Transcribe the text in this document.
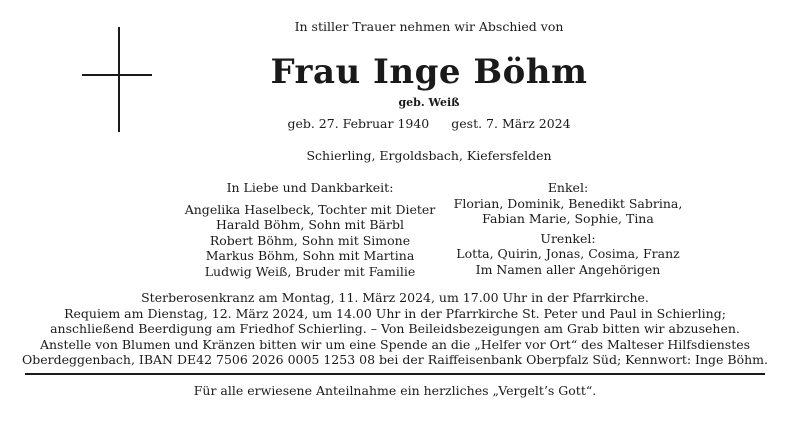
In stiller Trauer nehmen wir Abschied von
Frau Inge Böhm
geb. Weiß
geb. 27. Februar 1940 gest. 7. März 2024
Schierling, Ergoldsbach, Kiefersfelden
In Liebe und Dankbarkeit:
Angelika Haselbeck, Tochter mit Dieter
Harald Böhm, Sohn mit Bärbl
Robert Böhm, Sohn mit Simone
Markus Böhm, Sohn mit Martina
Ludwig Weiß, Bruder mit Familie
Enkel:
Florian, Dominik, Benedikt Sabrina,
Fabian Marie, Sophie, Tina
Urenkel:
Lotta, Quirin, Jonas, Cosima, Franz
Im Namen aller Angehörigen
Sterberosenkranz am Montag, 11. März 2024, um 17.00 Uhr in der Pfarrkirche.
Requiem am Dienstag, 12. März 2024, um 14.00 Uhr in der Pfarrkirche St. Peter und Paul in Schierling;
anschließend Beerdigung am Friedhof Schierling. – Von Beileidsbezeigungen am Grab bitten wir abzusehen.
Anstelle von Blumen und Kränzen bitten wir um eine Spende an die „Helfer vor Ort“ des Malteser Hilfsdienstes
Oberdeggenbach, IBAN DE42 7506 2026 0005 1253 08 bei der Raiffeisenbank Oberpfalz Süd; Kennwort: Inge Böhm.
Für alle erwiesene Anteilnahme ein herzliches „Vergelt’s Gott“.
